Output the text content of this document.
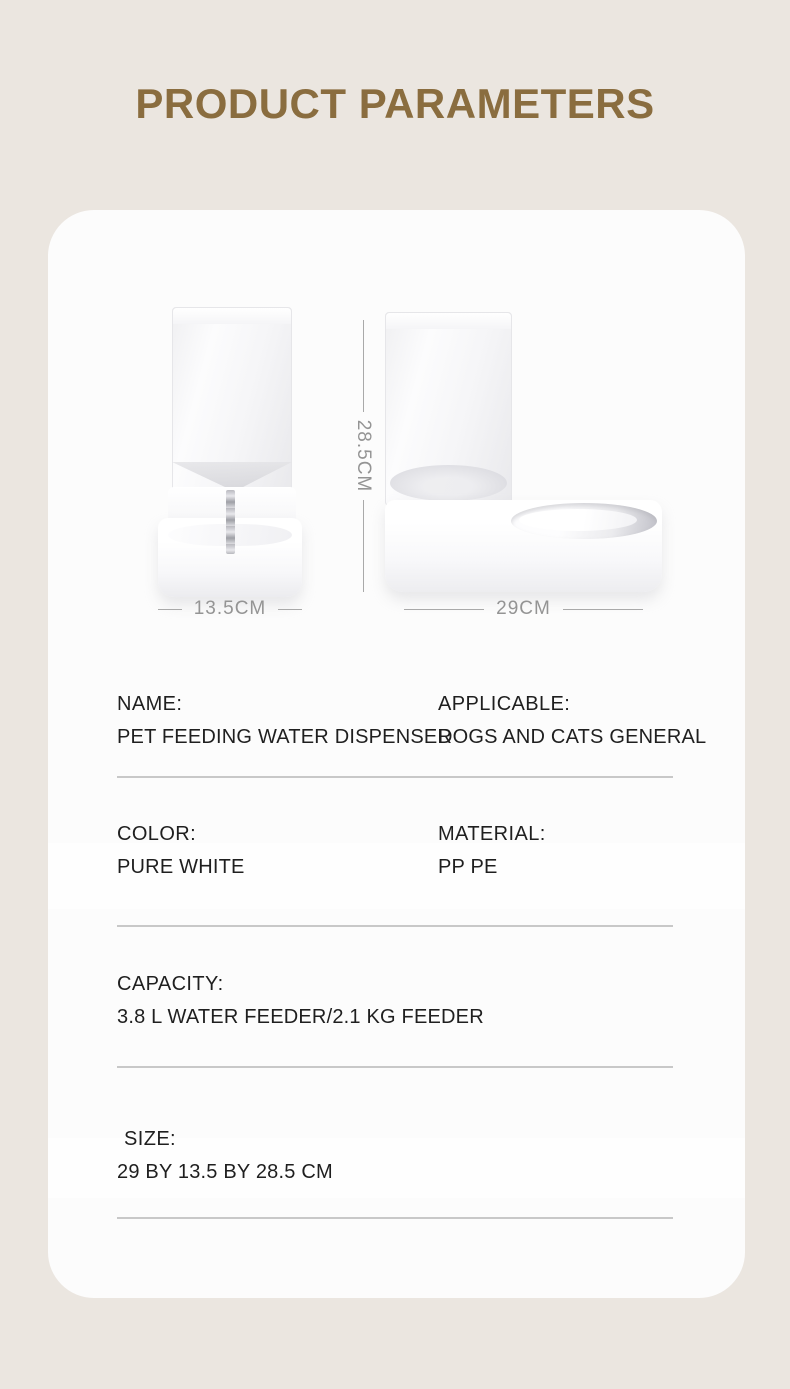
PRODUCT PARAMETERS
28.5CM
13.5CM	29CM
NAME:
PET FEEDING WATER DISPENSER
APPLICABLE:
DOGS AND CATS GENERAL
COLOR:
PURE WHITE
MATERIAL:
PP PE
CAPACITY:
3.8 L WATER FEEDER/2.1 KG FEEDER
SIZE:
29 BY 13.5 BY 28.5 CM
